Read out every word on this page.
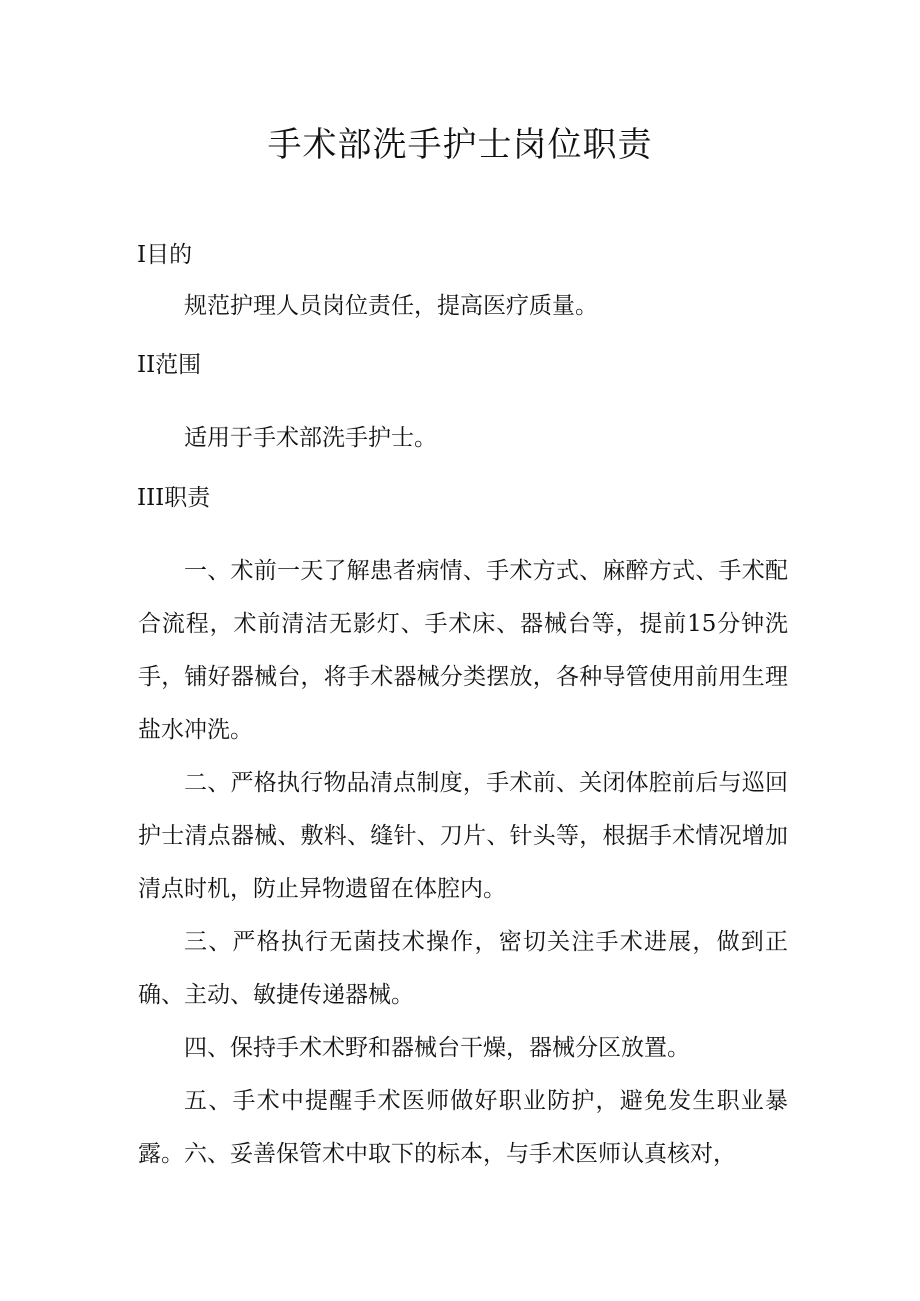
手术部洗手护士岗位职责
I目的

规范护理人员岗位责任，提高医疗质量。

II范围

适用于手术部洗手护士。

III职责

一、术前一天了解患者病情、手术方式、麻醉方式、手术配合流程，术前清洁无影灯、手术床、器械台等，提前15分钟洗手，铺好器械台，将手术器械分类摆放，各种导管使用前用生理盐水冲洗。

二、严格执行物品清点制度，手术前、关闭体腔前后与巡回护士清点器械、敷料、缝针、刀片、针头等，根据手术情况增加清点时机，防止异物遗留在体腔内。

三、严格执行无菌技术操作，密切关注手术进展，做到正确、主动、敏捷传递器械。

四、保持手术术野和器械台干燥，器械分区放置。

五、手术中提醒手术医师做好职业防护，避免发生职业暴露。 六、妥善保管术中取下的标本，与手术医师认真核对，
